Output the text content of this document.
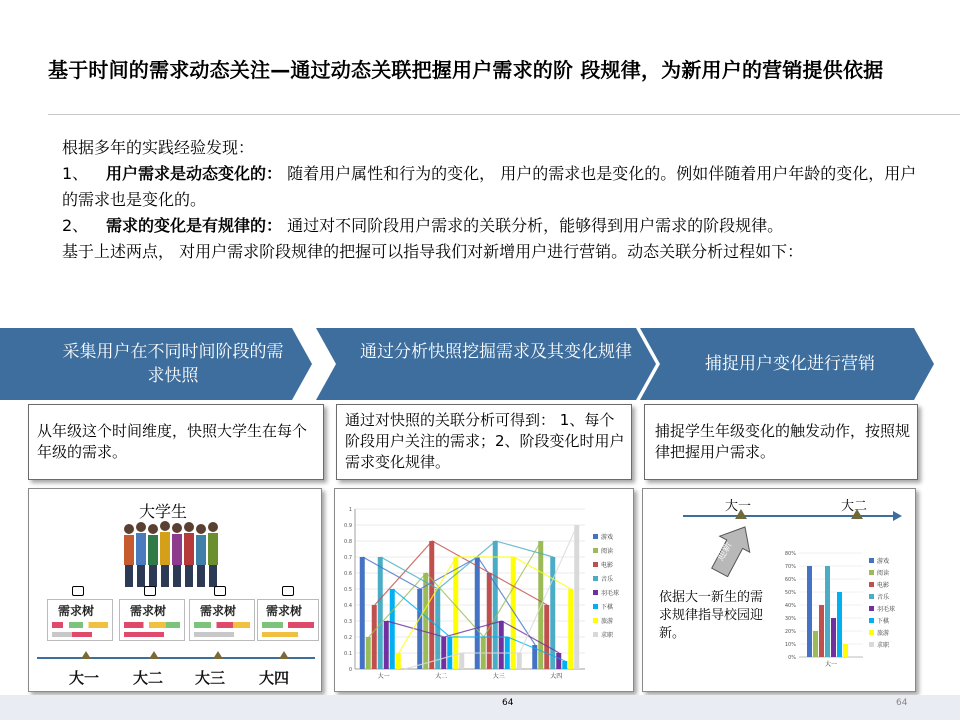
基于时间的需求动态关注—通过动态关联把握用户需求的阶 段规律，为新用户的营销提供依据

根据多年的实践经验发现：

1、 用户需求是动态变化的： 随着用户属性和行为的变化， 用户的需求也是变化的。例如伴随着用户年龄的变化，用户的需求也是变化的。

2、 需求的变化是有规律的： 通过对不同阶段用户需求的关联分析，能够得到用户需求的阶段规律。

基于上述两点， 对用户需求阶段规律的把握可以指导我们对新增用户进行营销。动态关联分析过程如下：

采集用户在不同时间阶段的需求快照
通过分析快照挖掘需求及其变化规律
捕捉用户变化进行营销
从年级这个时间维度，快照大学生在每个年级的需求。
通过对快照的关联分析可得到： 1、每个阶段用户关注的需求；2、阶段变化时用户需求变化规律。
捕捉学生年级变化的触发动作，按照规律把握用户需求。
大学生
需求树	需求树	需求树 需求树
大一 大二 大三 大四	0
0.1
0.2
0.3
0.4
0.5
0.6
0.7
0.8
0.9
1
大一	大二	大三	大四
游戏
阅读
电影
音乐
羽毛球
下棋
旅游
求职
大一	大二
迎新
依据大一新生的需求规律指导校园迎新。
0%
10%
20%
30%
40%
50%
60%
70%
80%
大一
游戏
阅读
电影
音乐
羽毛球
下棋
旅游
求职
64	64
